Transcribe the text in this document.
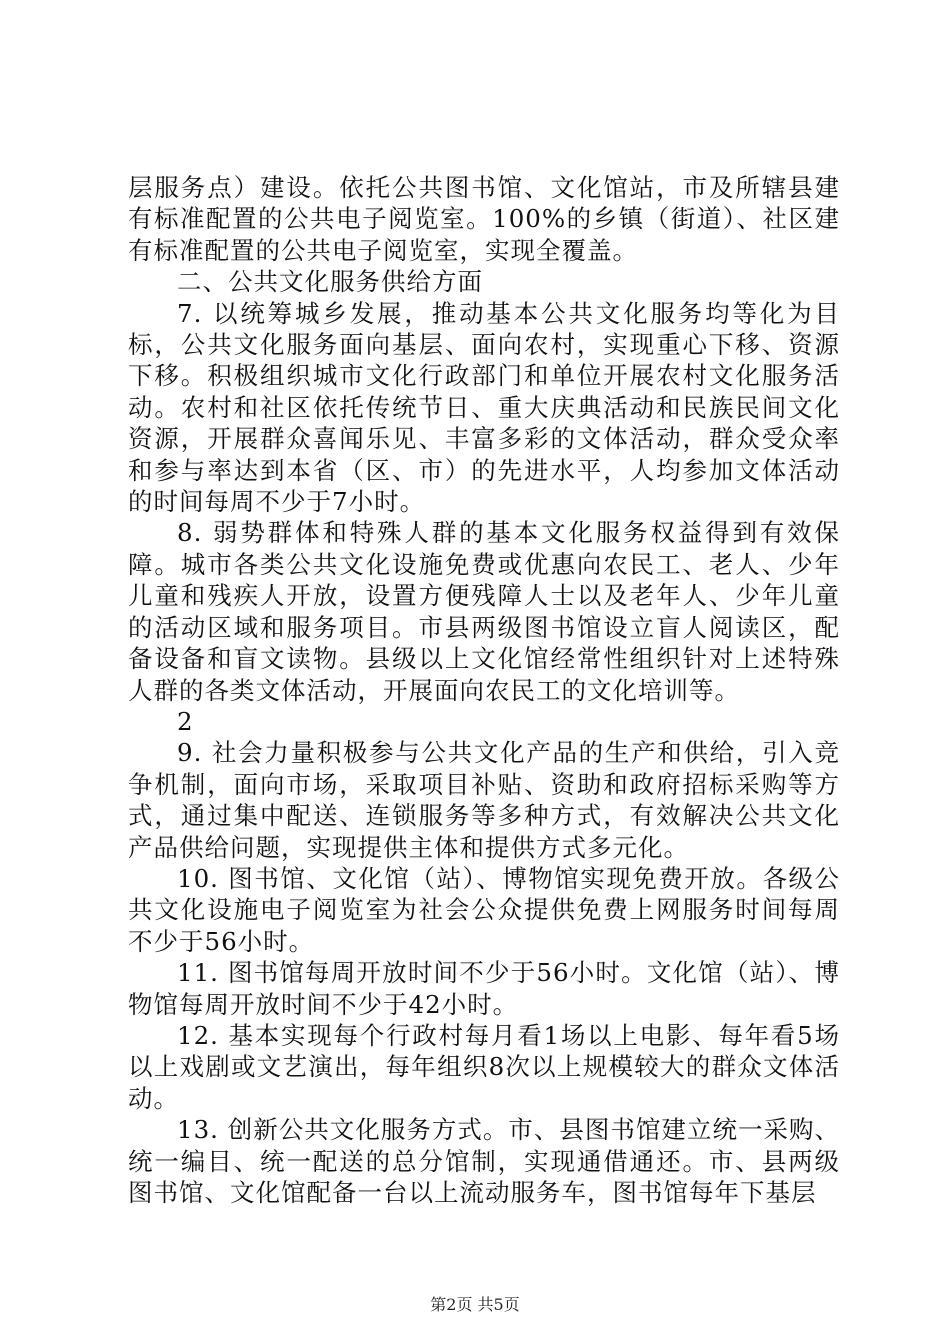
层服务点）建设。依托公共图书馆、文化馆站，市及所辖县建有标准配置的公共电子阅览室。100%的乡镇（街道）、社区建有标准配置的公共电子阅览室，实现全覆盖。

二、公共文化服务供给方面

7. 以统筹城乡发展，推动基本公共文化服务均等化为目标，公共文化服务面向基层、面向农村，实现重心下移、资源下移。积极组织城市文化行政部门和单位开展农村文化服务活动。农村和社区依托传统节日、重大庆典活动和民族民间文化资源，开展群众喜闻乐见、丰富多彩的文体活动，群众受众率和参与率达到本省（区、市）的先进水平，人均参加文体活动的时间每周不少于7小时。

8. 弱势群体和特殊人群的基本文化服务权益得到有效保障。城市各类公共文化设施免费或优惠向农民工、老人、少年儿童和残疾人开放，设置方便残障人士以及老年人、少年儿童的活动区域和服务项目。市县两级图书馆设立盲人阅读区，配备设备和盲文读物。县级以上文化馆经常性组织针对上述特殊人群的各类文体活动，开展面向农民工的文化培训等。

2

9. 社会力量积极参与公共文化产品的生产和供给，引入竞争机制，面向市场，采取项目补贴、资助和政府招标采购等方式，通过集中配送、连锁服务等多种方式，有效解决公共文化产品供给问题，实现提供主体和提供方式多元化。

10. 图书馆、文化馆（站）、博物馆实现免费开放。各级公共文化设施电子阅览室为社会公众提供免费上网服务时间每周不少于56小时。

11. 图书馆每周开放时间不少于56小时。文化馆（站）、博物馆每周开放时间不少于42小时。

12. 基本实现每个行政村每月看1场以上电影、每年看5场以上戏剧或文艺演出，每年组织8次以上规模较大的群众文体活动。

13. 创新公共文化服务方式。市、县图书馆建立统一采购、统一编目、统一配送的总分馆制，实现通借通还。市、县两级图书馆、文化馆配备一台以上流动服务车，图书馆每年下基层

第2页 共5页
